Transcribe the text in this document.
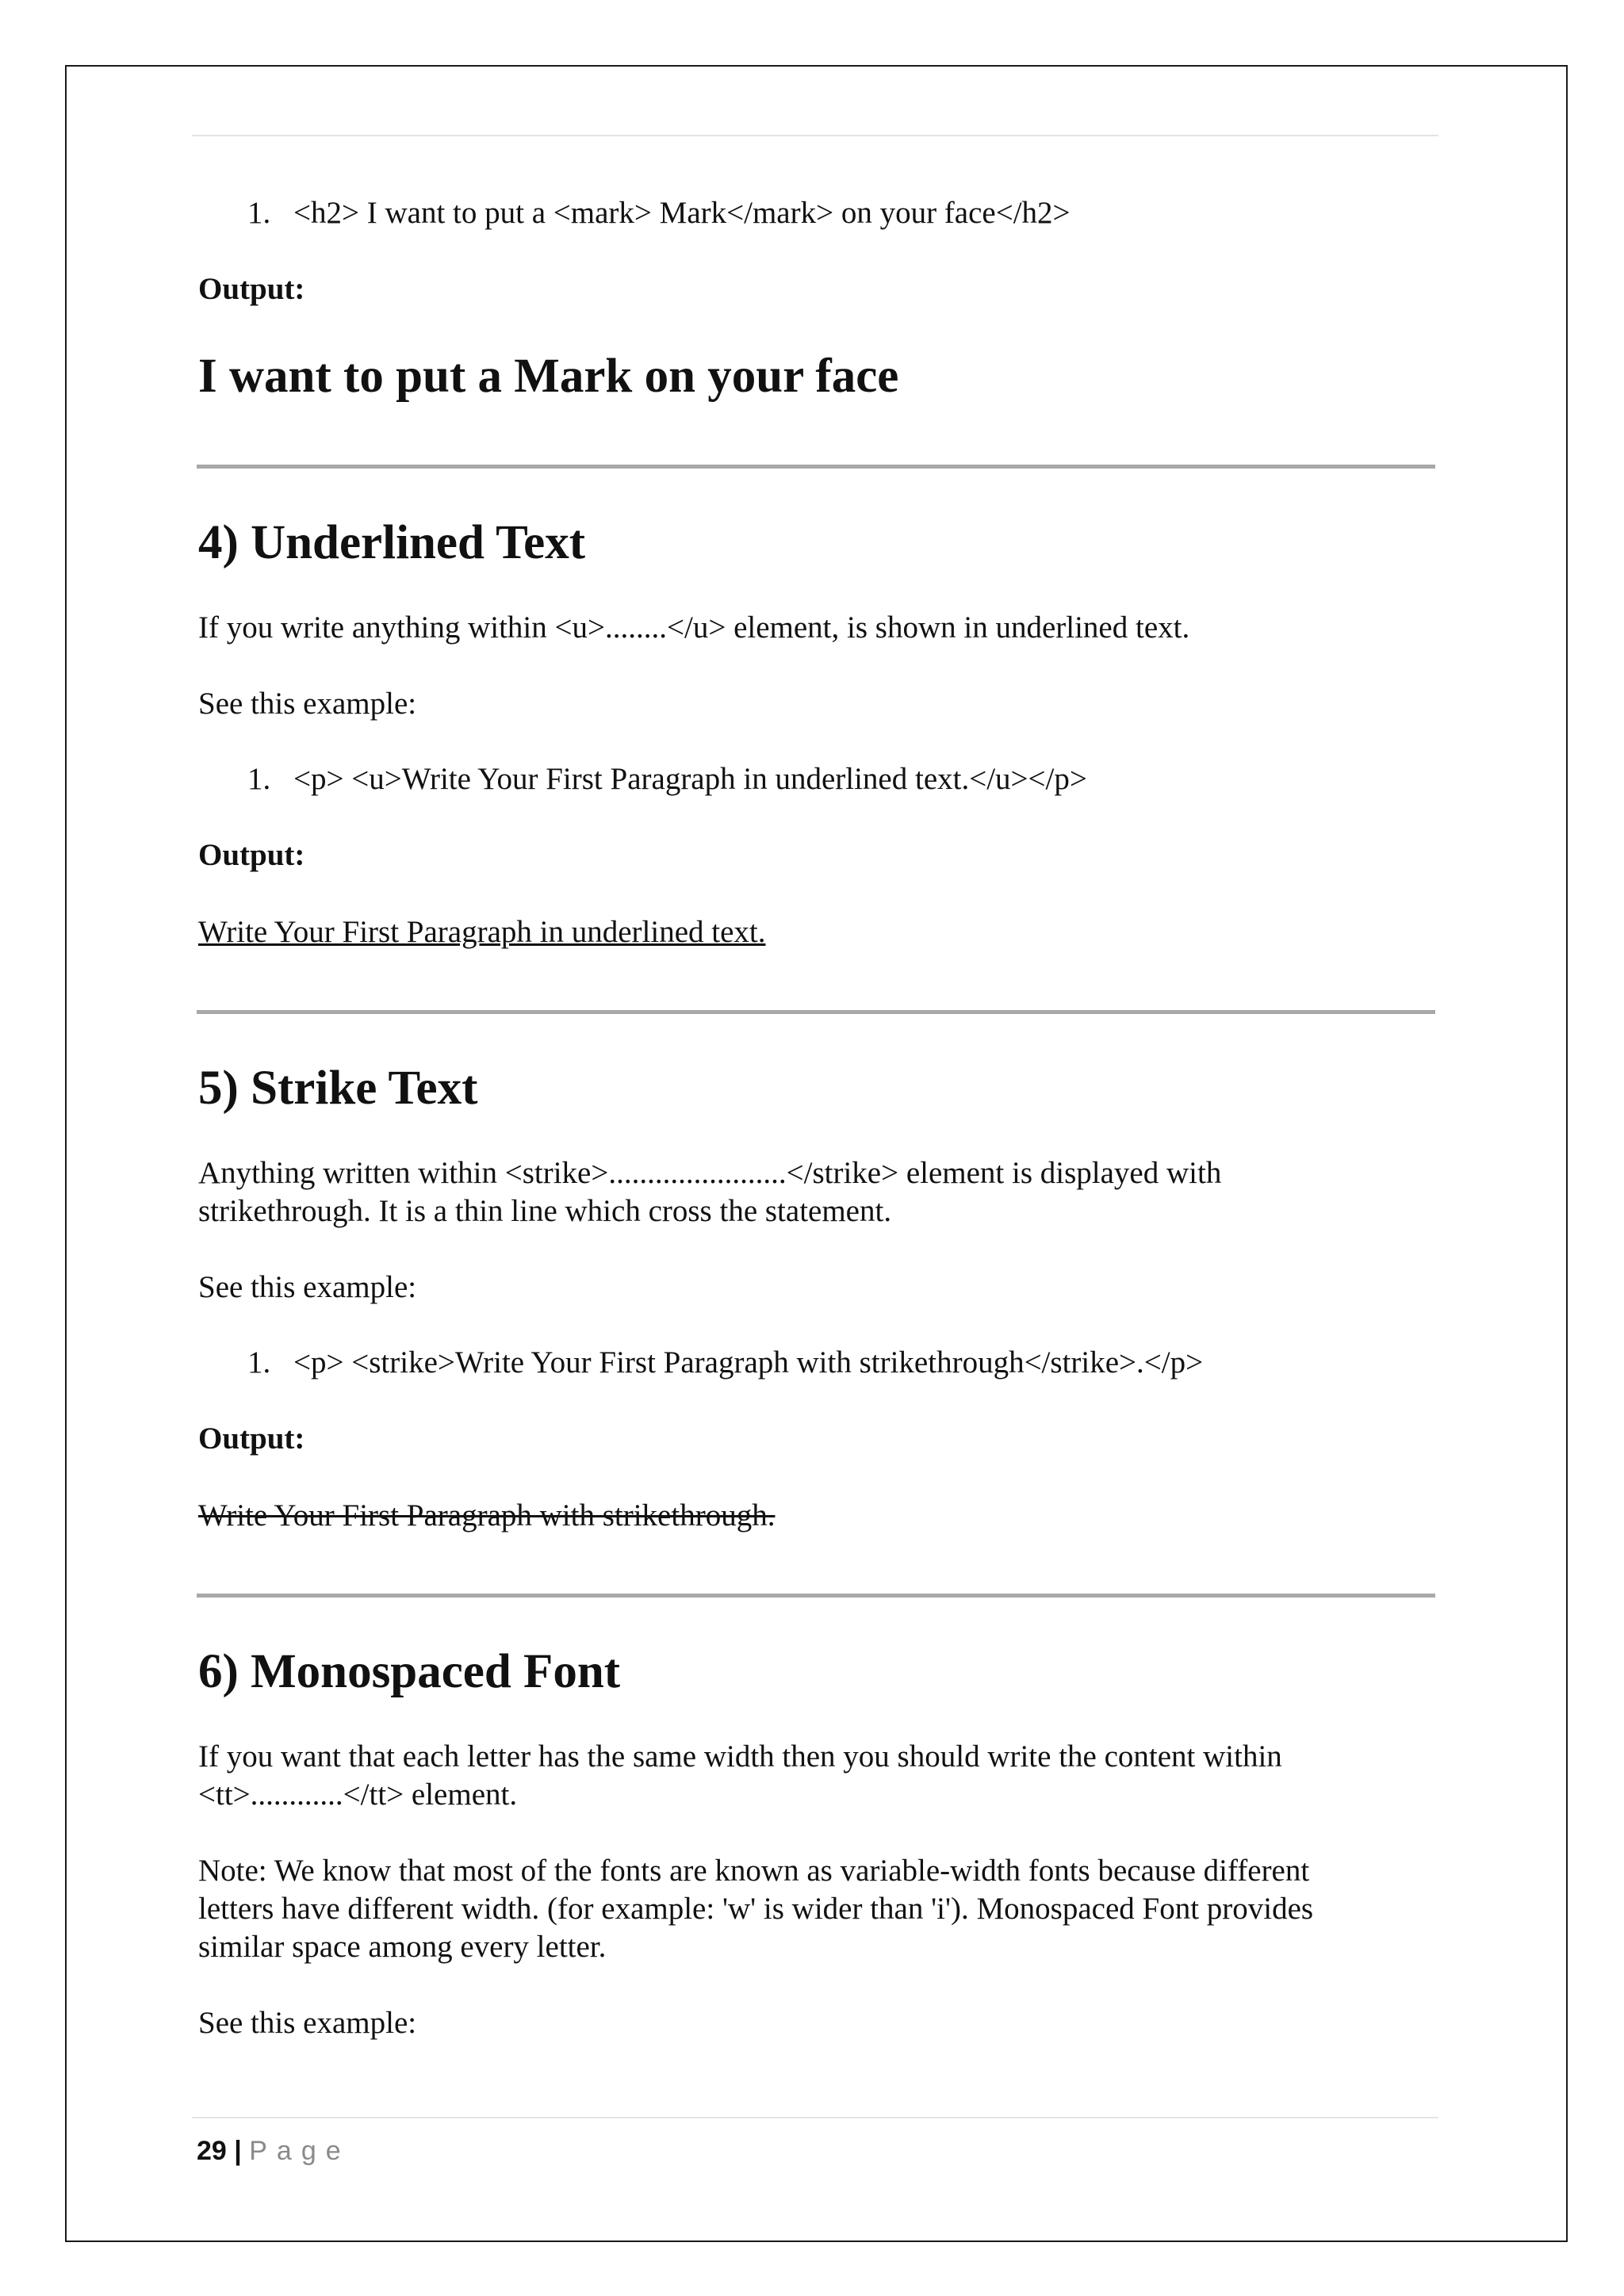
1. <h2> I want to put a <mark> Mark</mark> on your face</h2>
Output:
I want to put a Mark on your face
4) Underlined Text
If you write anything within <u>........</u> element, is shown in underlined text.
See this example:
1. <p> <u>Write Your First Paragraph in underlined text.</u></p>
Output:
Write Your First Paragraph in underlined text.
5) Strike Text
Anything written within <strike>.......................</strike> element is displayed with
strikethrough. It is a thin line which cross the statement.
See this example:
1. <p> <strike>Write Your First Paragraph with strikethrough</strike>.</p>
Output:
Write Your First Paragraph with strikethrough.
6) Monospaced Font
If you want that each letter has the same width then you should write the content within
<tt>............</tt> element.
Note: We know that most of the fonts are known as variable-width fonts because different
letters have different width. (for example: 'w' is wider than 'i'). Monospaced Font provides
similar space among every letter.
See this example:
29 | Page
